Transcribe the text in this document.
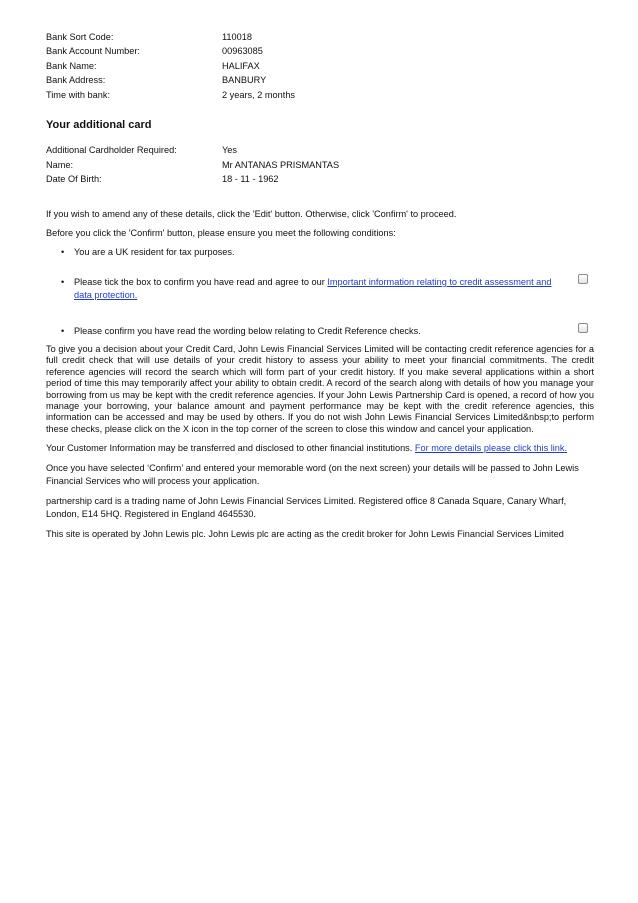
Bank Sort Code:	110018
Bank Account Number:	00963085
Bank Name:	HALIFAX
Bank Address:	BANBURY
Time with bank:	2 years, 2 months
Your additional card
Additional Cardholder Required:	Yes
Name:	Mr ANTANAS PRISMANTAS
Date Of Birth:	18 - 11 - 1962

If you wish to amend any of these details, click the 'Edit' button. Otherwise, click 'Confirm' to proceed.

Before you click the 'Confirm' button, please ensure you meet the following conditions:

• You are a UK resident for tax purposes.
• Please tick the box to confirm you have read and agree to our Important information relating to credit assessment and data protection.
• Please confirm you have read the wording below relating to Credit Reference checks.

To give you a decision about your Credit Card, John Lewis Financial Services Limited will be contacting credit reference agencies for a full credit check that will use details of your credit history to assess your ability to meet your financial commitments. The credit reference agencies will record the search which will form part of your credit history. If you make several applications within a short period of time this may temporarily affect your ability to obtain credit. A record of the search along with details of how you manage your borrowing from us may be kept with the credit reference agencies. If your John Lewis Partnership Card is opened, a record of how you manage your borrowing, your balance amount and payment performance may be kept with the credit reference agencies, this information can be accessed and may be used by others. If you do not wish John Lewis Financial Services Limited&nbsp;to perform these checks, please click on the X icon in the top corner of the screen to close this window and cancel your application.

Your Customer Information may be transferred and disclosed to other financial institutions. For more details please click this link.

Once you have selected ‘Confirm’ and entered your memorable word (on the next screen) your details will be passed to John Lewis Financial Services who will process your application.

partnership card is a trading name of John Lewis Financial Services Limited. Registered office 8 Canada Square, Canary Wharf, London, E14 5HQ. Registered in England 4645530.

This site is operated by John Lewis plc. John Lewis plc are acting as the credit broker for John Lewis Financial Services Limited
